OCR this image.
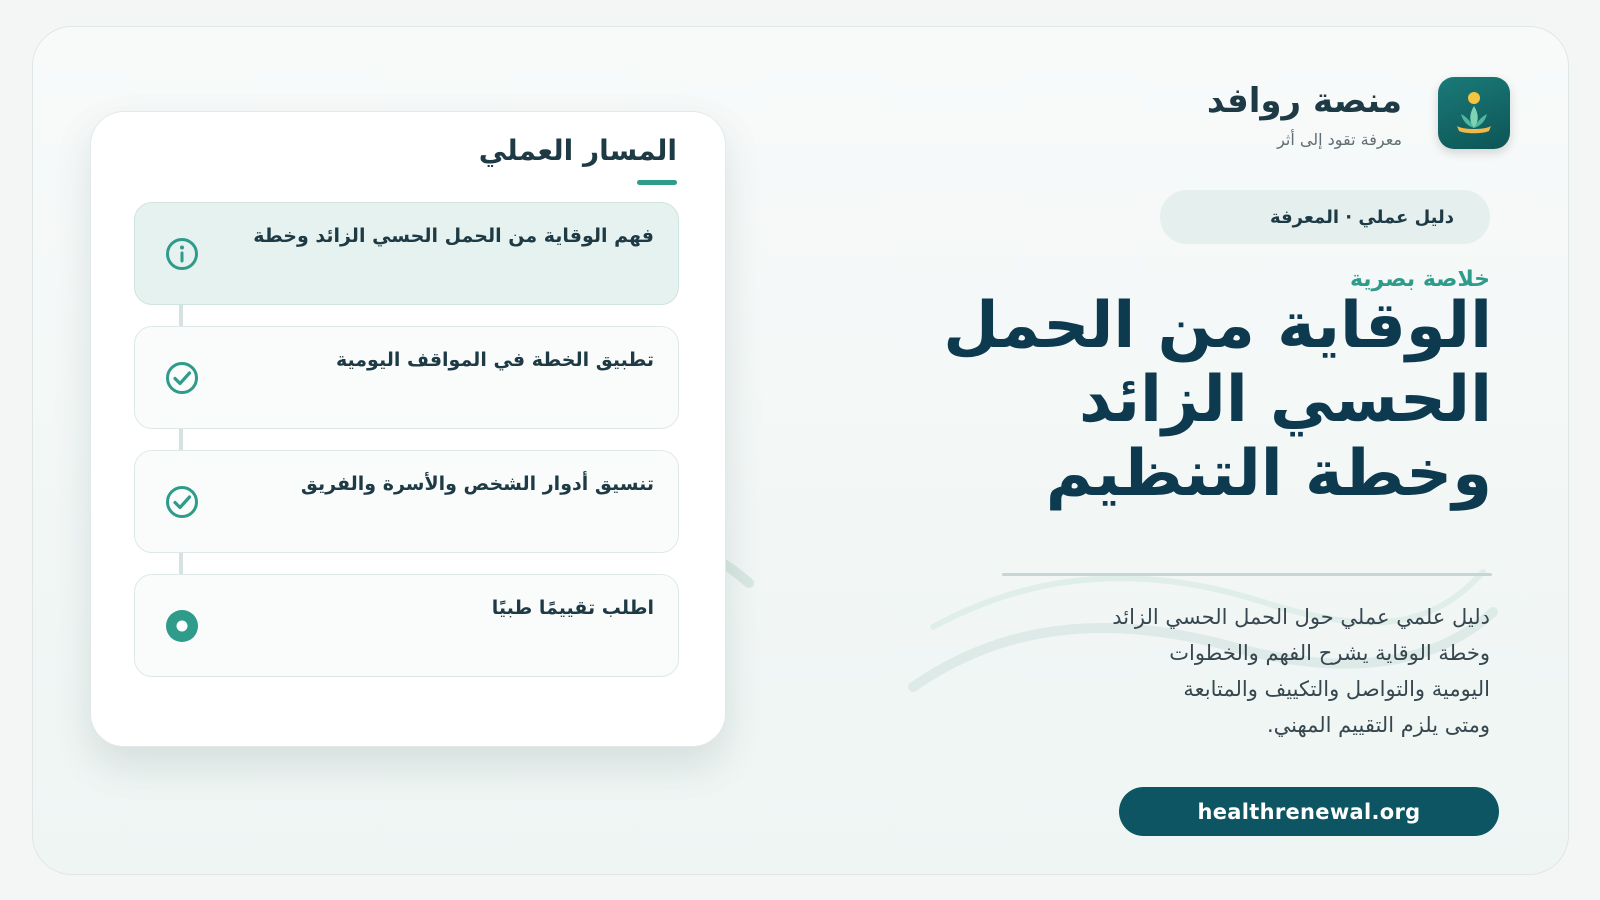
منصة روافد
معرفة تقود إلى أثر
دليل عملي · المعرفة
خلاصة بصرية
الوقاية من الحمل
الحسي الزائد
وخطة التنظيم
دليل علمي عملي حول الحمل الحسي الزائد
وخطة الوقاية يشرح الفهم والخطوات
اليومية والتواصل والتكييف والمتابعة
ومتى يلزم التقييم المهني.
healthrenewal.org
المسار العملي
فهم الوقاية من الحمل الحسي الزائد وخطة
تطبيق الخطة في المواقف اليومية
تنسيق أدوار الشخص والأسرة والفريق
اطلب تقييمًا طبيًا
